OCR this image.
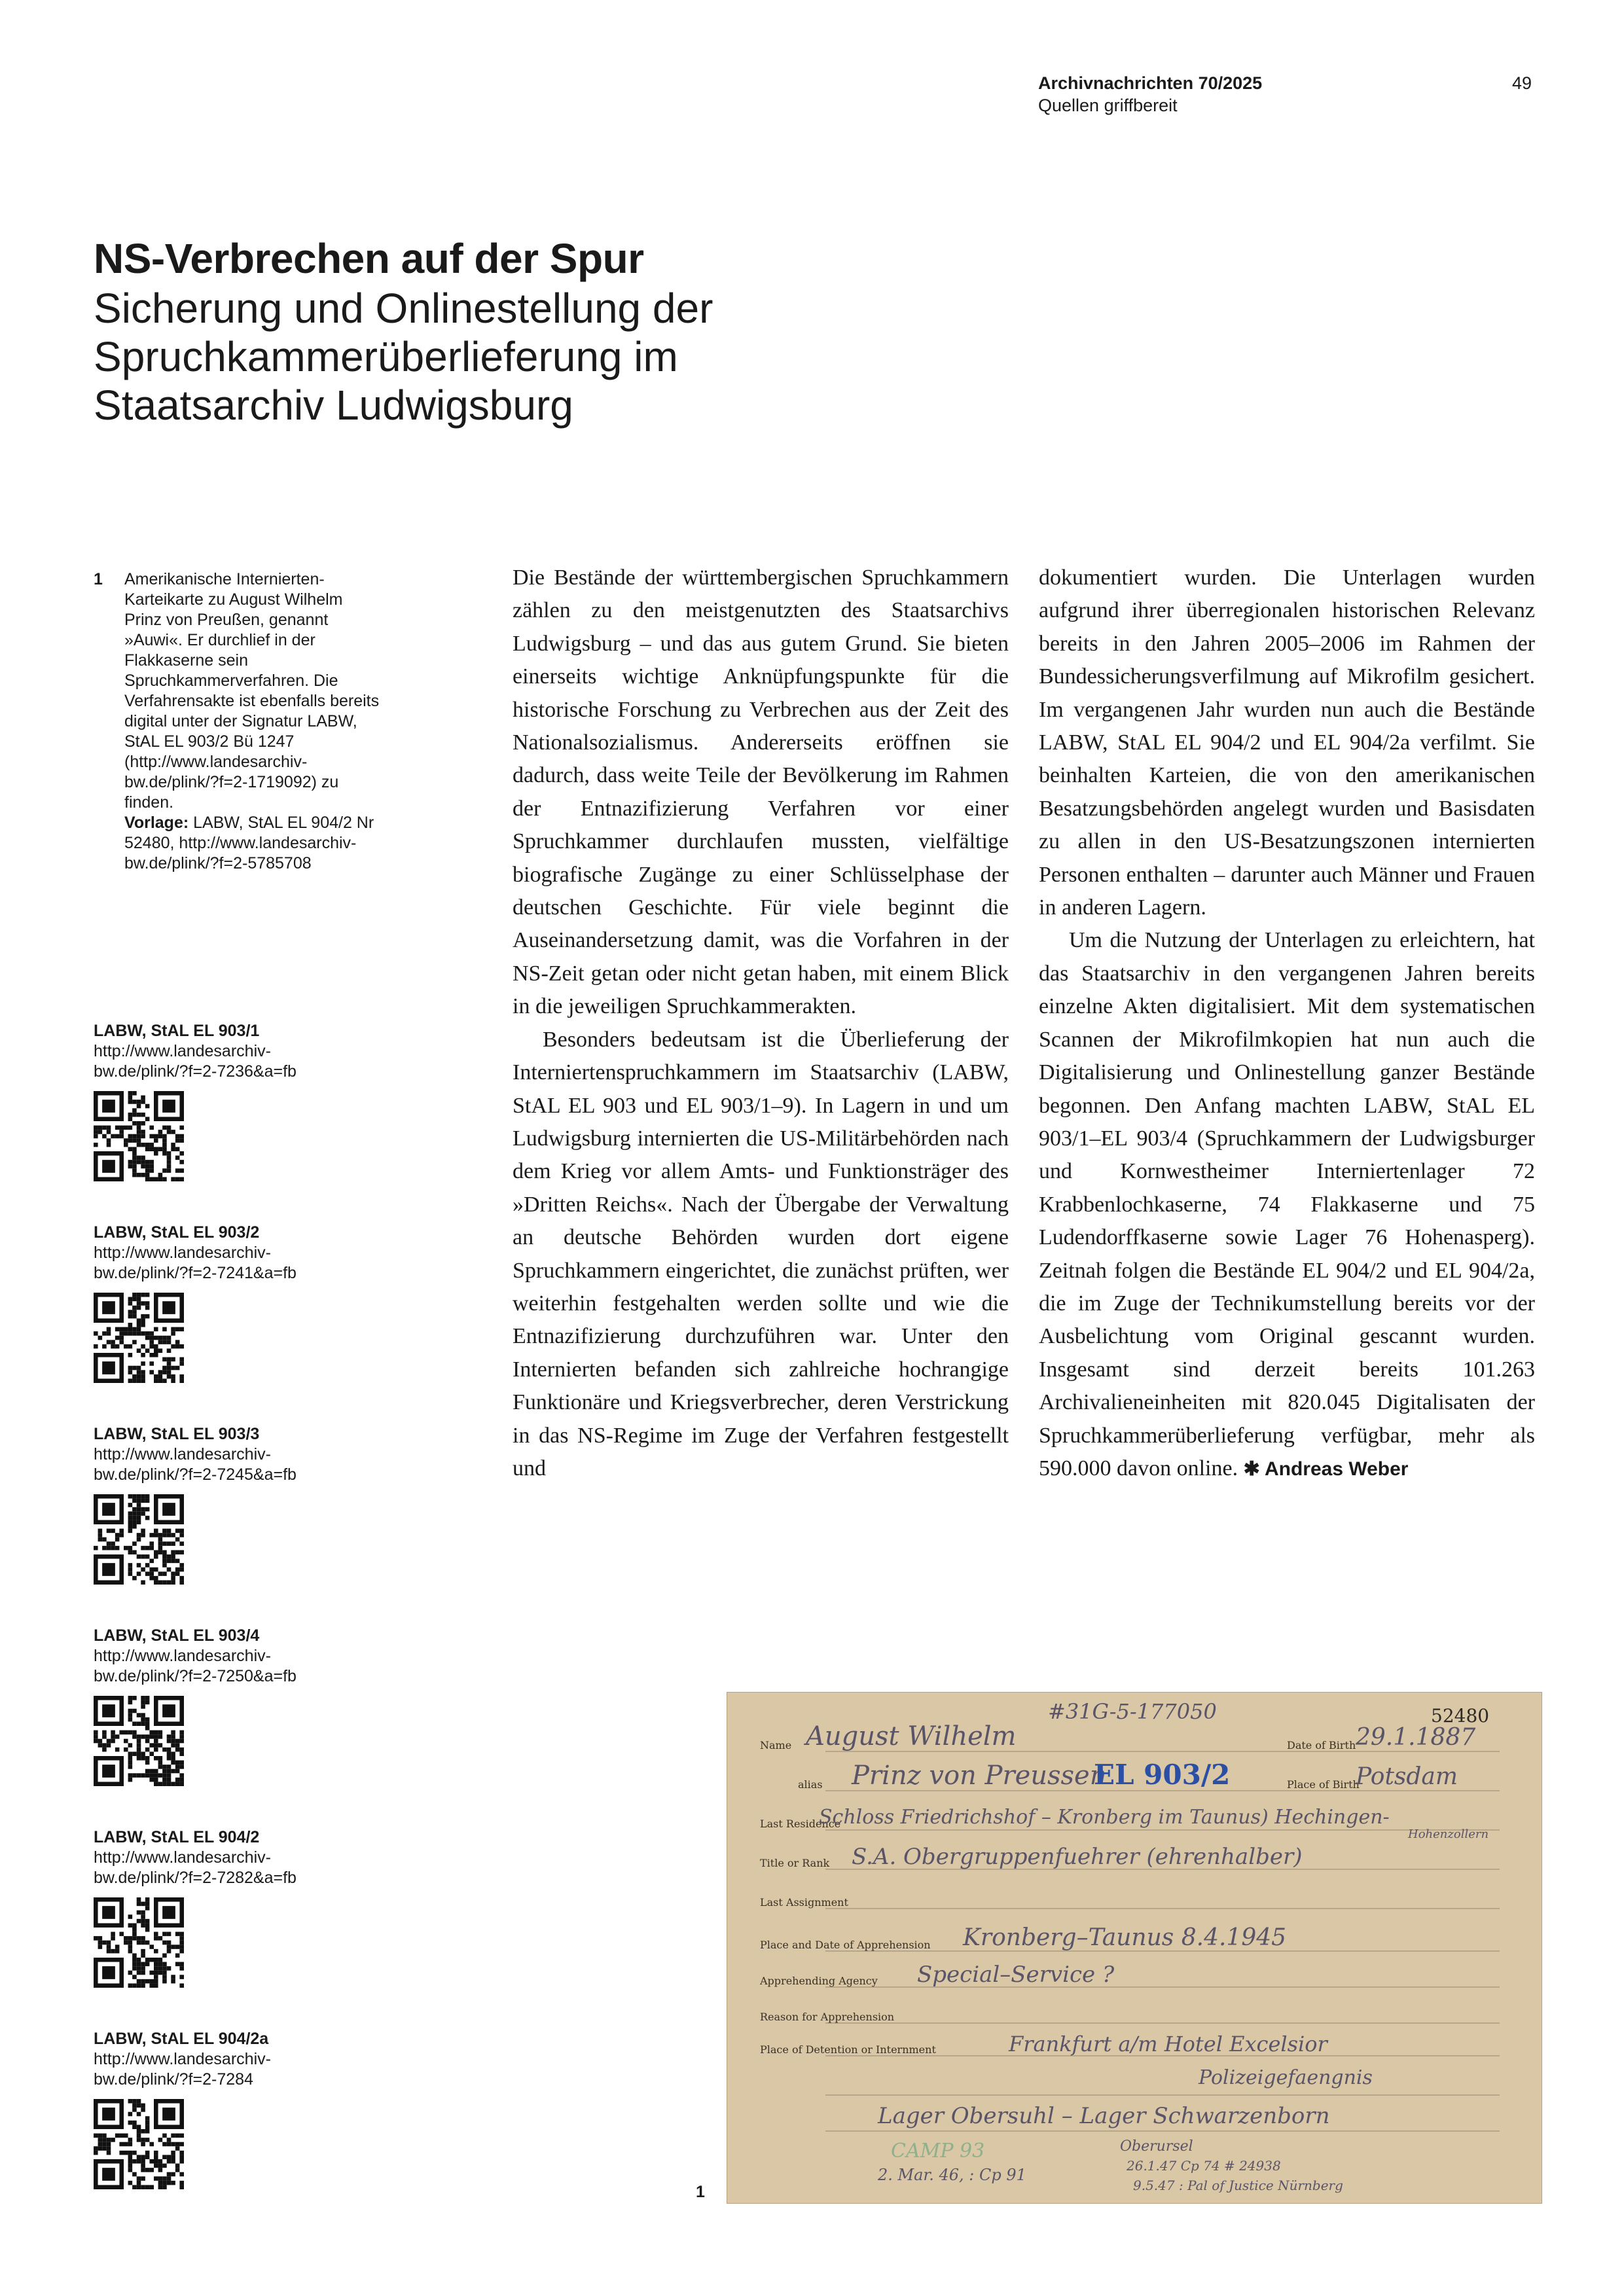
Archivnachrichten 70/2025
Quellen griffbereit
49
NS-Verbrechen auf der Spur
Sicherung und Onlinestellung der Spruchkammerüberlieferung im Staatsarchiv Ludwigsburg
1 Amerikanische Internierten-Karteikarte zu August Wilhelm Prinz von Preußen, genannt »Auwi«. Er durchlief in der Flakkaserne sein Spruchkammerverfahren. Die Verfahrensakte ist ebenfalls bereits digital unter der Signatur LABW, StAL EL 903/2 Bü 1247 (http://www.landesarchiv-bw.de/plink/?f=2-1719092) zu finden.
Vorlage: LABW, StAL EL 904/2 Nr 52480, http://www.landesarchiv-bw.de/plink/?f=2-5785708
LABW, StAL EL 903/1
http://www.landesarchiv-
bw.de/plink/?f=2-7236&a=fb
LABW, StAL EL 903/2
http://www.landesarchiv-
bw.de/plink/?f=2-7241&a=fb
LABW, StAL EL 903/3
http://www.landesarchiv-
bw.de/plink/?f=2-7245&a=fb
LABW, StAL EL 903/4
http://www.landesarchiv-
bw.de/plink/?f=2-7250&a=fb
LABW, StAL EL 904/2
http://www.landesarchiv-
bw.de/plink/?f=2-7282&a=fb
LABW, StAL EL 904/2a
http://www.landesarchiv-
bw.de/plink/?f=2-7284

Die Bestände der württembergischen Spruchkammern zählen zu den meistgenutzten des Staatsarchivs Ludwigsburg – und das aus gutem Grund. Sie bieten einerseits wichtige Anknüpfungspunkte für die historische Forschung zu Verbrechen aus der Zeit des Nationalsozialismus. Andererseits eröffnen sie dadurch, dass weite Teile der Bevölkerung im Rahmen der Entnazifizierung Verfahren vor einer Spruchkammer durchlaufen mussten, vielfältige biografische Zugänge zu einer Schlüsselphase der deutschen Geschichte. Für viele beginnt die Auseinandersetzung damit, was die Vorfahren in der NS-Zeit getan oder nicht getan haben, mit einem Blick in die jeweiligen Spruchkammerakten.

Besonders bedeutsam ist die Überlieferung der Interniertenspruchkammern im Staatsarchiv (LABW, StAL EL 903 und EL 903/1–9). In Lagern in und um Ludwigsburg internierten die US-Militärbehörden nach dem Krieg vor allem Amts- und Funktionsträger des »Dritten Reichs«. Nach der Übergabe der Verwaltung an deutsche Behörden wurden dort eigene Spruchkammern eingerichtet, die zunächst prüften, wer weiterhin festgehalten werden sollte und wie die Entnazifizierung durchzuführen war. Unter den Internierten befanden sich zahlreiche hochrangige Funktionäre und Kriegsverbrecher, deren Verstrickung in das NS-Regime im Zuge der Verfahren festgestellt und

dokumentiert wurden. Die Unterlagen wurden aufgrund ihrer überregionalen historischen Relevanz bereits in den Jahren 2005–2006 im Rahmen der Bundessicherungsverfilmung auf Mikrofilm gesichert. Im vergangenen Jahr wurden nun auch die Bestände LABW, StAL EL 904/2 und EL 904/2a verfilmt. Sie beinhalten Karteien, die von den amerikanischen Besatzungsbehörden angelegt wurden und Basisdaten zu allen in den US-Besatzungszonen internierten Personen enthalten – darunter auch Männer und Frauen in anderen Lagern.

Um die Nutzung der Unterlagen zu erleichtern, hat das Staatsarchiv in den vergangenen Jahren bereits einzelne Akten digitalisiert. Mit dem systematischen Scannen der Mikrofilmkopien hat nun auch die Digitalisierung und Onlinestellung ganzer Bestände begonnen. Den Anfang machten LABW, StAL EL 903/1–EL 903/4 (Spruchkammern der Ludwigsburger und Kornwestheimer Interniertenlager 72 Krabbenlochkaserne, 74 Flakkaserne und 75 Ludendorffkaserne sowie Lager 76 Hohenasperg). Zeitnah folgen die Bestände EL 904/2 und EL 904/2a, die im Zuge der Technikumstellung bereits vor der Ausbelichtung vom Original gescannt wurden. Insgesamt sind derzeit bereits 101.263 Archivalieneinheiten mit 820.045 Digitalisaten der Spruchkammerüberlieferung verfügbar, mehr als 590.000 davon online. ✱ Andreas Weber

Name
alias
Date of Birth
Place of Birth
Last Residence
Title or Rank
Last Assignment
Place and Date of Apprehension
Apprehending Agency
Reason for Apprehension
Place of Detention or Internment
#31G-5-177050	52480
August Wilhelm
Prinz von Preussen
EL 903/2
29.1.1887
Potsdam
Schloss Friedrichshof – Kronberg im Taunus) Hechingen-
Hohenzollern
S.A. Obergruppenfuehrer (ehrenhalber)
Kronberg–Taunus 8.4.1945
Special–Service ?
Frankfurt a/m Hotel Excelsior
Polizeigefaengnis
Lager Obersuhl – Lager Schwarzenborn
Oberursel
2. Mar. 46, : Cp 91	26.1.47 Cp 74 # 24938
9.5.47 : Pal of Justice Nürnberg
CAMP 93
1
